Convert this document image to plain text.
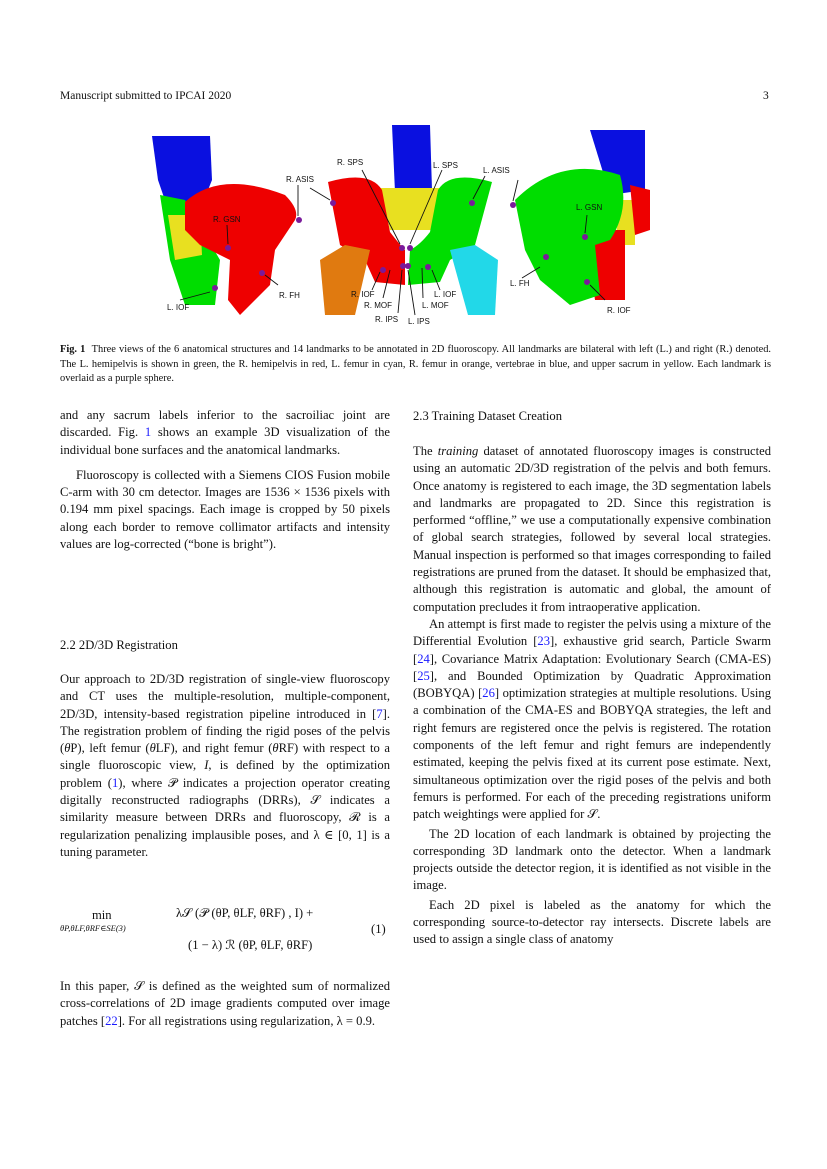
Manuscript submitted to IPCAI 2020	3
R. SPS	L. SPS
R. ASIS
L. ASIS
R. GSN
L. GSN
L. IOF
R. FH	R. IOF
R. MOF
R. IPS L. IPS
L. MOF
L. IOF
L. FH
R. IOF
Fig. 1 Three views of the 6 anatomical structures and 14 landmarks to be annotated in 2D fluoroscopy. All landmarks are bilateral with left (L.) and right (R.) denoted. The L. hemipelvis is shown in green, the R. hemipelvis in red, L. femur in cyan, R. femur in orange, vertebrae in blue, and upper sacrum in yellow. Each landmark is overlaid as a purple sphere.

and any sacrum labels inferior to the sacroiliac joint are discarded. Fig. 1 shows an example 3D visualization of the individual bone surfaces and the anatomical landmarks.

Fluoroscopy is collected with a Siemens CIOS Fusion mobile C-arm with 30 cm detector. Images are 1536 × 1536 pixels with 0.194 mm pixel spacings. Each image is cropped by 50 pixels along each border to remove collimator artifacts and intensity values are log-corrected (“bone is bright”).

2.2 2D/3D Registration

Our approach to 2D/3D registration of single-view fluoroscopy and CT uses the multiple-resolution, multiple-component, 2D/3D, intensity-based registration pipeline introduced in [7]. The registration problem of finding the rigid poses of the pelvis (θP), left femur (θLF), and right femur (θRF) with respect to a single fluoroscopic view, I, is defined by the optimization problem (1), where 𝒫 indicates a projection operator creating digitally reconstructed radiographs (DRRs), 𝒮 indicates a similarity measure between DRRs and fluoroscopy, ℛ is a regularization penalizing implausible poses, and λ ∈ [0, 1] is a tuning parameter.

min
θP,θLF,θRF∈SE(3)
λ𝒮 (𝒫 (θP, θLF, θRF) , I) +
(1 − λ) ℛ (θP, θLF, θRF)
(1)

In this paper, 𝒮 is defined as the weighted sum of normalized cross-correlations of 2D image gradients computed over image patches [22]. For all registrations using regularization, λ = 0.9.

2.3 Training Dataset Creation

The training dataset of annotated fluoroscopy images is constructed using an automatic 2D/3D registration of the pelvis and both femurs. Once anatomy is registered to each image, the 3D segmentation labels and landmarks are propagated to 2D. Since this registration is performed “offline,” we use a computationally expensive combination of global search strategies, followed by several local strategies. Manual inspection is performed so that images corresponding to failed registrations are pruned from the dataset. It should be emphasized that, although this registration is automatic and global, the amount of computation precludes it from intraoperative application.

An attempt is first made to register the pelvis using a mixture of the Differential Evolution [23], exhaustive grid search, Particle Swarm [24], Covariance Matrix Adaptation: Evolutionary Search (CMA-ES) [25], and Bounded Optimization by Quadratic Approximation (BOBYQA) [26] optimization strategies at multiple resolutions. Using a combination of the CMA-ES and BOBYQA strategies, the left and right femurs are registered once the pelvis is registered. The rotation components of the left femur and right femurs are independently estimated, keeping the pelvis fixed at its current pose estimate. Next, simultaneous optimization over the rigid poses of the pelvis and both femurs is performed. For each of the preceding registrations uniform patch weightings were applied for 𝒮.

The 2D location of each landmark is obtained by projecting the corresponding 3D landmark onto the detector. When a landmark projects outside the detector region, it is identified as not visible in the image.

Each 2D pixel is labeled as the anatomy for which the corresponding source-to-detector ray intersects. Discrete labels are used to assign a single class of anatomy
